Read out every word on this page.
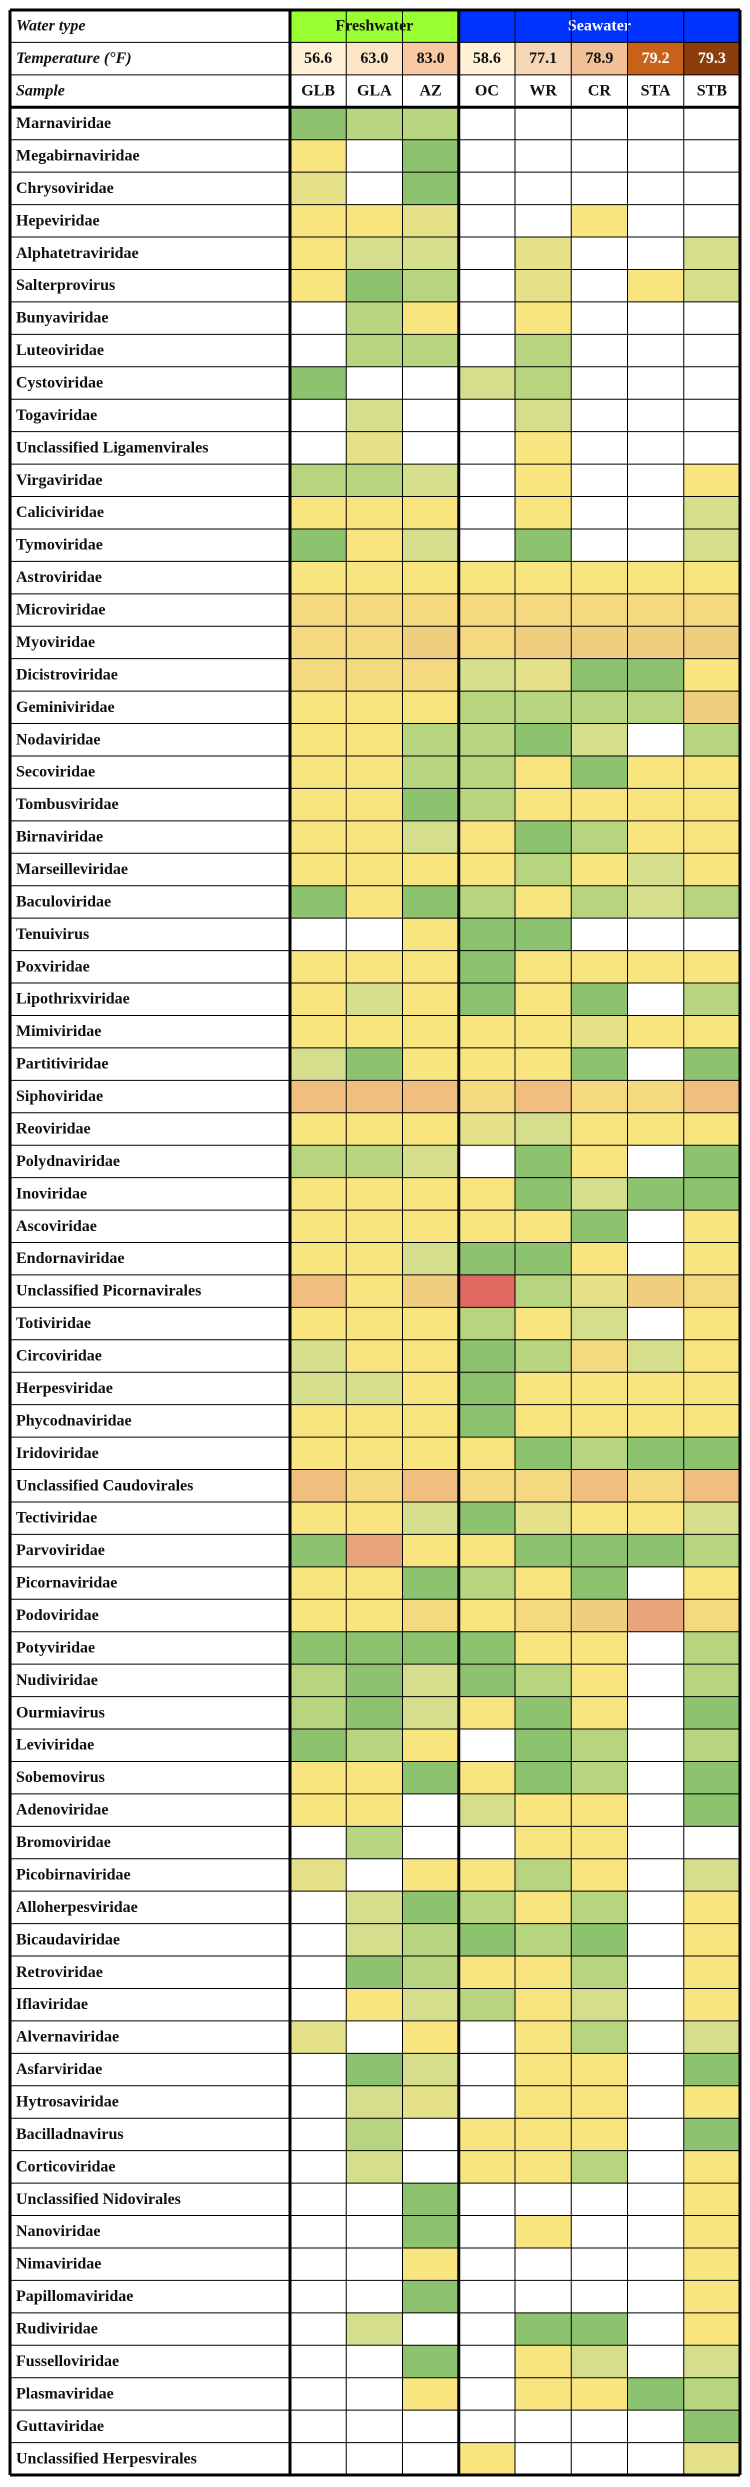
Water type	Freshwater	Seawater
Temperature (°F)	56.6 63.0 83.0 58.6 77.1 78.9 79.2 79.3
Sample	GLB GLA AZ OC WR CR STA STB
Marnaviridae
Megabirnaviridae
Chrysoviridae
Hepeviridae
Alphatetraviridae
Salterprovirus
Bunyaviridae
Luteoviridae
Cystoviridae
Togaviridae
Unclassified Ligamenvirales
Virgaviridae
Caliciviridae
Tymoviridae
Astroviridae
Microviridae
Myoviridae
Dicistroviridae
Geminiviridae
Nodaviridae
Secoviridae
Tombusviridae
Birnaviridae
Marseilleviridae
Baculoviridae
Tenuivirus
Poxviridae
Lipothrixviridae
Mimiviridae
Partitiviridae
Siphoviridae
Reoviridae
Polydnaviridae
Inoviridae
Ascoviridae
Endornaviridae
Unclassified Picornavirales
Totiviridae
Circoviridae
Herpesviridae
Phycodnaviridae
Iridoviridae
Unclassified Caudovirales
Tectiviridae
Parvoviridae
Picornaviridae
Podoviridae
Potyviridae
Nudiviridae
Ourmiavirus
Leviviridae
Sobemovirus
Adenoviridae
Bromoviridae
Picobirnaviridae
Alloherpesviridae
Bicaudaviridae
Retroviridae
Iflaviridae
Alvernaviridae
Asfarviridae
Hytrosaviridae
Bacilladnavirus
Corticoviridae
Unclassified Nidovirales
Nanoviridae
Nimaviridae
Papillomaviridae
Rudiviridae
Fusselloviridae
Plasmaviridae
Guttaviridae
Unclassified Herpesvirales
